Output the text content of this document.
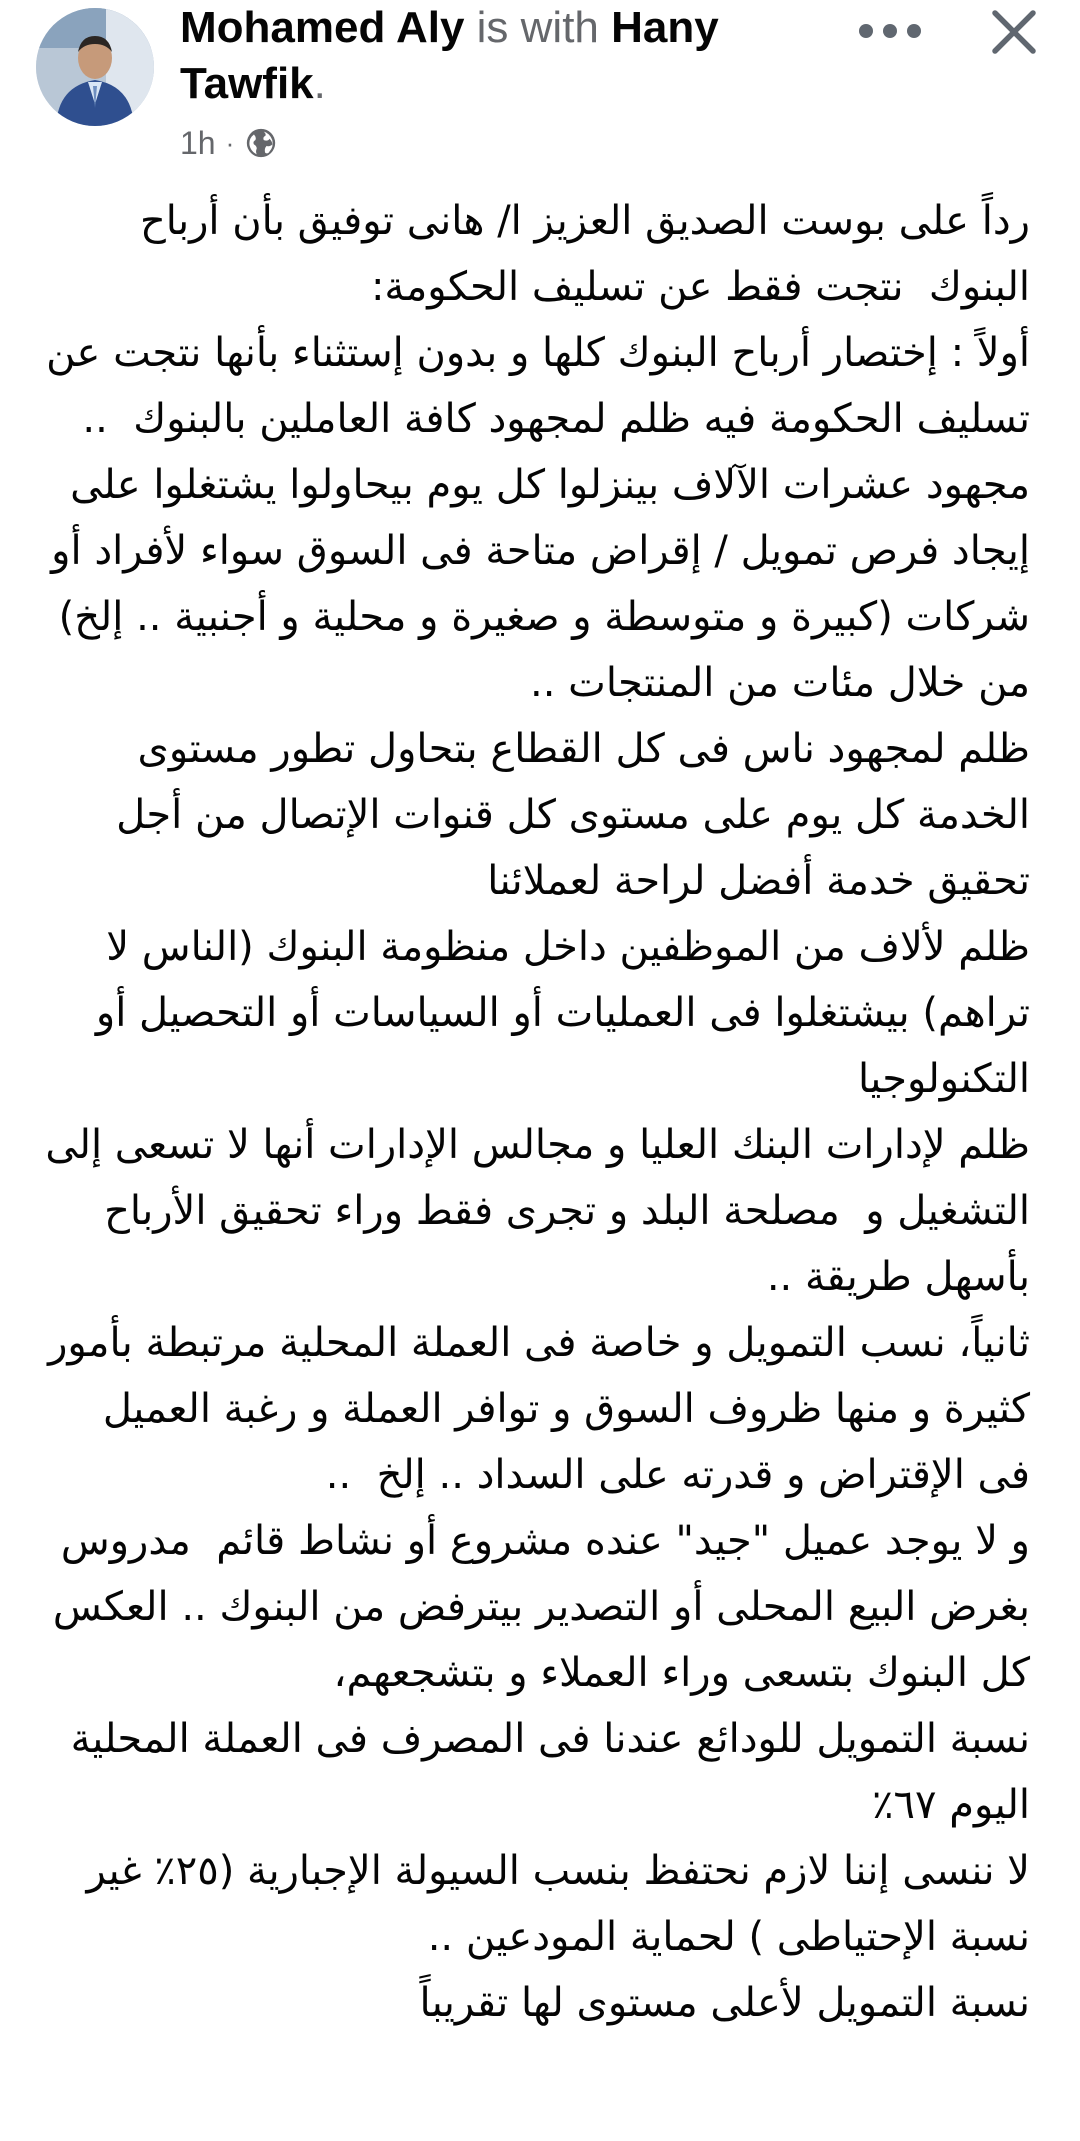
Mohamed Aly is with Hany Tawfik.
1h ·

رداً على بوست الصديق العزيز ا/ هانى توفيق بأن أرباح البنوك  نتجت فقط عن تسليف الحكومة:

أولاً : إختصار أرباح البنوك كلها و بدون إستثناء بأنها نتجت عن تسليف الحكومة فيه ظلم لمجهود كافة العاملين بالبنوك  .. مجهود عشرات الآلاف بينزلوا كل يوم بيحاولوا يشتغلوا على إيجاد فرص تمويل / إقراض متاحة فى السوق سواء لأفراد أو شركات (كبيرة و متوسطة و صغيرة و محلية و أجنبية .. إلخ) من خلال مئات من المنتجات ..

ظلم لمجهود ناس فى كل القطاع بتحاول تطور مستوى الخدمة كل يوم على مستوى كل قنوات الإتصال من أجل تحقيق خدمة أفضل لراحة لعملائنا

ظلم لألاف من الموظفين داخل منظومة البنوك (الناس لا تراهم) بيشتغلوا فى العمليات أو السياسات أو التحصيل أو التكنولوجيا

ظلم لإدارات البنك العليا و مجالس الإدارات أنها لا تسعى إلى التشغيل و  مصلحة البلد و تجرى فقط وراء تحقيق الأرباح بأسهل طريقة ..

ثانياً، نسب التمويل و خاصة فى العملة المحلية مرتبطة بأمور كثيرة و منها ظروف السوق و توافر العملة و رغبة العميل فى الإقتراض و قدرته على السداد .. إلخ  ..

و لا يوجد عميل "جيد" عنده مشروع أو نشاط قائم  مدروس بغرض البيع المحلى أو التصدير بيترفض من البنوك .. العكس كل البنوك بتسعى وراء العملاء و بتشجعهم،

نسبة التمويل للودائع عندنا فى المصرف فى العملة المحلية اليوم ٦٧٪

لا ننسى إننا لازم نحتفظ بنسب السيولة الإجبارية (٢٥٪ غير نسبة الإحتياطى ) لحماية المودعين ..

نسبة التمويل لأعلى مستوى لها تقريباً
